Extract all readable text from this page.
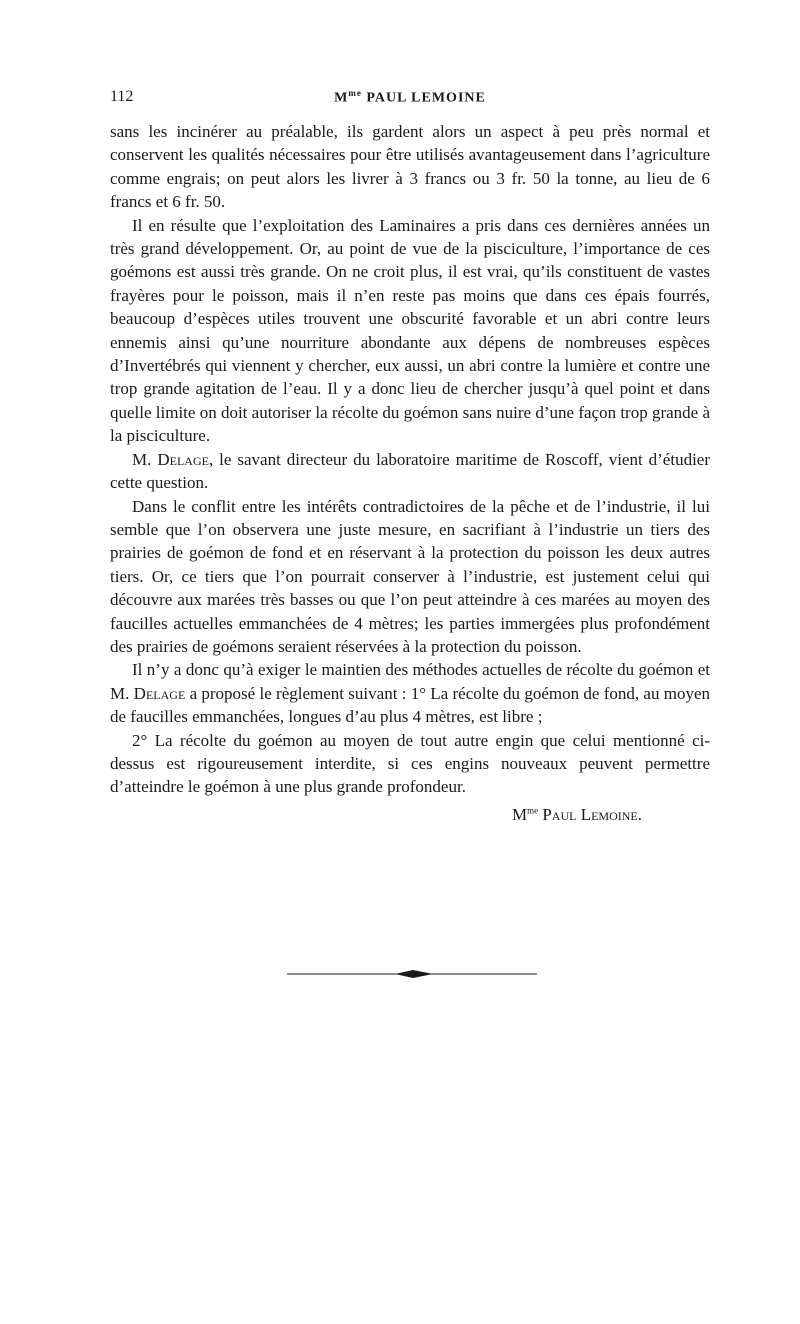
112	$M^{me}$ PAUL LEMOINE

sans les incinérer au préalable, ils gardent alors un aspect à peu près normal et conservent les qualités nécessaires pour être utilisés avantageusement dans l’agriculture comme engrais; on peut alors les livrer à 3 francs ou 3 fr. 50 la tonne, au lieu de 6 francs et 6 fr. 50.

Il en résulte que l’exploitation des Laminaires a pris dans ces dernières années un très grand développement. Or, au point de vue de la pisciculture, l’importance de ces goémons est aussi très grande. On ne croit plus, il est vrai, qu’ils constituent de vastes frayères pour le poisson, mais il n’en reste pas moins que dans ces épais fourrés, beaucoup d’espèces utiles trouvent une obscurité favorable et un abri contre leurs ennemis ainsi qu’une nourriture abondante aux dépens de nombreuses espèces d’Invertébrés qui viennent y chercher, eux aussi, un abri contre la lumière et contre une trop grande agitation de l’eau. Il y a donc lieu de chercher jusqu’à quel point et dans quelle limite on doit autoriser la récolte du goémon sans nuire d’une façon trop grande à la pisciculture.

M. Delage, le savant directeur du laboratoire maritime de Roscoff, vient d’étudier cette question.

Dans le conflit entre les intérêts contradictoires de la pêche et de l’industrie, il lui semble que l’on observera une juste mesure, en sacrifiant à l’industrie un tiers des prairies de goémon de fond et en réservant à la protection du poisson les deux autres tiers. Or, ce tiers que l’on pourrait conserver à l’industrie, est justement celui qui découvre aux marées très basses ou que l’on peut atteindre à ces marées au moyen des faucilles actuelles emmanchées de 4 mètres; les parties immergées plus profondément des prairies de goémons seraient réservées à la protection du poisson.

Il n’y a donc qu’à exiger le maintien des méthodes actuelles de récolte du goémon et M. Delage a proposé le règlement suivant : 1° La récolte du goémon de fond, au moyen de faucilles emmanchées, longues d’au plus 4 mètres, est libre ;

2° La récolte du goémon au moyen de tout autre engin que celui mentionné ci-dessus est rigoureusement interdite, si ces engins nouveaux peuvent permettre d’atteindre le goémon à une plus grande profondeur.

$M^{me}$ Paul Lemoine.
